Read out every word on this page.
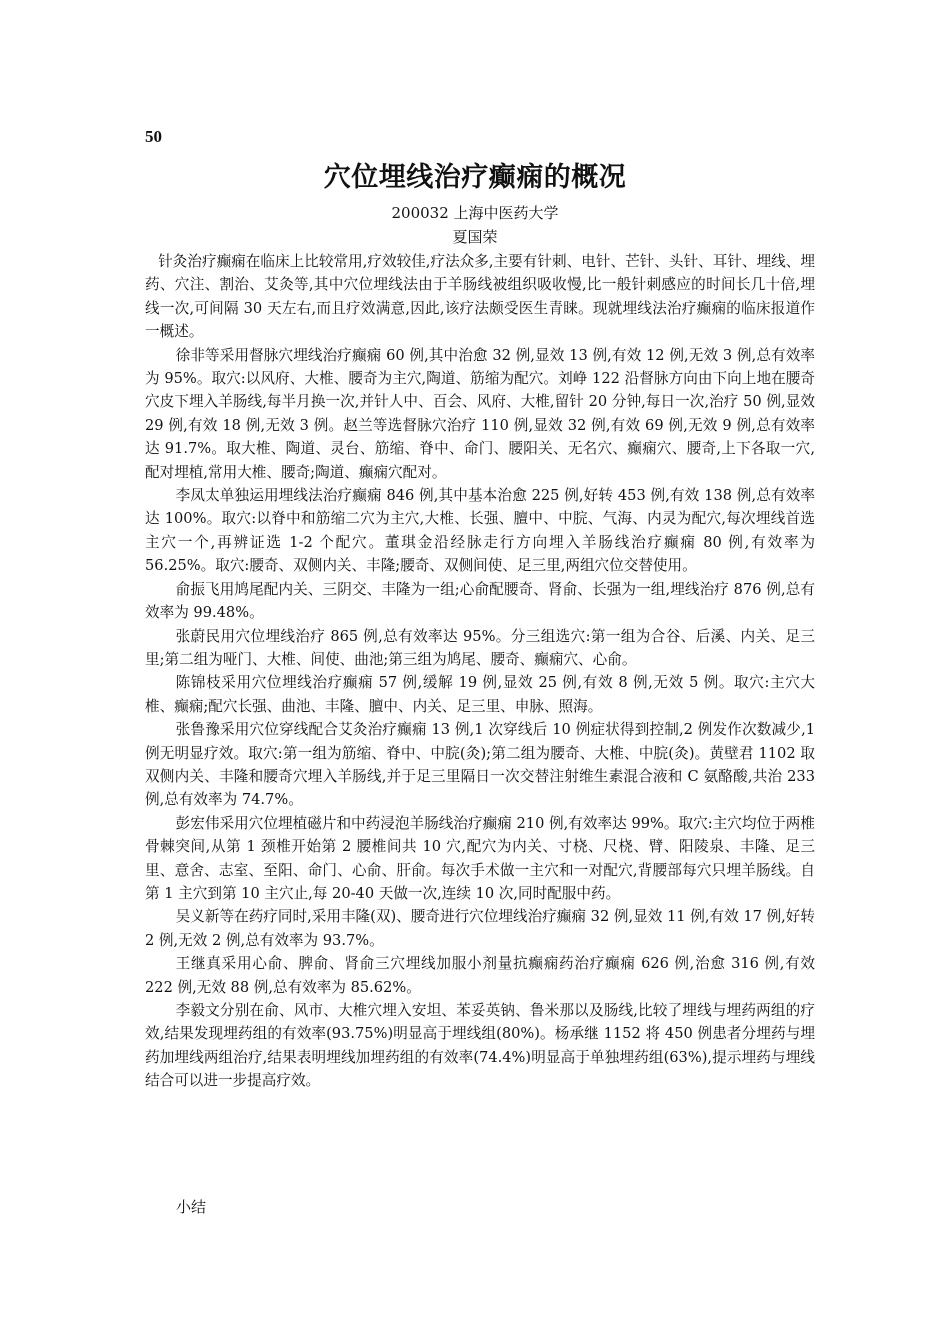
50
穴位埋线治疗癫痫的概况
200032 上海中医药大学
夏国荣

针灸治疗癫痫在临床上比较常用,疗效较佳,疗法众多,主要有针刺、电针、芒针、头针、耳针、埋线、埋药、穴注、割治、艾灸等,其中穴位埋线法由于羊肠线被组织吸收慢,比一般针刺感应的时间长几十倍,埋线一次,可间隔 30 天左右,而且疗效满意,因此,该疗法颇受医生青睐。现就埋线法治疗癫痫的临床报道作一概述。

徐非等采用督脉穴埋线治疗癫痫 60 例,其中治愈 32 例,显效 13 例,有效 12 例,无效 3 例,总有效率为 95%。取穴:以风府、大椎、腰奇为主穴,陶道、筋缩为配穴。刘峥 122 沿督脉方向由下向上地在腰奇穴皮下埋入羊肠线,每半月换一次,并针人中、百会、风府、大椎,留针 20 分钟,每日一次,治疗 50 例,显效 29 例,有效 18 例,无效 3 例。赵兰等选督脉穴治疗 110 例,显效 32 例,有效 69 例,无效 9 例,总有效率达 91.7%。取大椎、陶道、灵台、筋缩、脊中、命门、腰阳关、无名穴、癫痫穴、腰奇,上下各取一穴,配对埋植,常用大椎、腰奇;陶道、癫痫穴配对。

李凤太单独运用埋线法治疗癫痫 846 例,其中基本治愈 225 例,好转 453 例,有效 138 例,总有效率达 100%。取穴:以脊中和筋缩二穴为主穴,大椎、长强、膻中、中脘、气海、内灵为配穴,每次埋线首选主穴一个,再辨证选 1-2 个配穴。董琪金沿经脉走行方向埋入羊肠线治疗癫痫 80 例,有效率为 56.25%。取穴:腰奇、双侧内关、丰隆;腰奇、双侧间使、足三里,两组穴位交替使用。

俞振飞用鸠尾配内关、三阴交、丰隆为一组;心俞配腰奇、肾俞、长强为一组,埋线治疗 876 例,总有效率为 99.48%。

张蔚民用穴位埋线治疗 865 例,总有效率达 95%。分三组选穴:第一组为合谷、后溪、内关、足三里;第二组为哑门、大椎、间使、曲池;第三组为鸠尾、腰奇、癫痫穴、心俞。

陈锦枝采用穴位埋线治疗癫痫 57 例,缓解 19 例,显效 25 例,有效 8 例,无效 5 例。取穴:主穴大椎、癫痫;配穴长强、曲池、丰隆、膻中、内关、足三里、申脉、照海。

张鲁豫采用穴位穿线配合艾灸治疗癫痫 13 例,1 次穿线后 10 例症状得到控制,2 例发作次数减少,1 例无明显疗效。取穴:第一组为筋缩、脊中、中脘(灸);第二组为腰奇、大椎、中脘(灸)。黄壁君 1102 取双侧内关、丰隆和腰奇穴埋入羊肠线,并于足三里隔日一次交替注射维生素混合液和 C 氨酪酸,共治 233 例,总有效率为 74.7%。

彭宏伟采用穴位埋植磁片和中药浸泡羊肠线治疗癫痫 210 例,有效率达 99%。取穴:主穴均位于两椎骨棘突间,从第 1 颈椎开始第 2 腰椎间共 10 穴,配穴为内关、寸桡、尺桡、臂、阳陵泉、丰隆、足三里、意舍、志室、至阳、命门、心俞、肝俞。每次手术做一主穴和一对配穴,背腰部每穴只埋羊肠线。自第 1 主穴到第 10 主穴止,每 20-40 天做一次,连续 10 次,同时配服中药。

吴义新等在药疗同时,采用丰隆(双)、腰奇进行穴位埋线治疗癫痫 32 例,显效 11 例,有效 17 例,好转 2 例,无效 2 例,总有效率为 93.7%。

王继真采用心俞、脾俞、肾俞三穴埋线加服小剂量抗癫痫药治疗癫痫 626 例,治愈 316 例,有效 222 例,无效 88 例,总有效率为 85.62%。

李毅文分别在俞、风市、大椎穴埋入安坦、苯妥英钠、鲁米那以及肠线,比较了埋线与埋药两组的疗效,结果发现埋药组的有效率(93.75%)明显高于埋线组(80%)。杨承继 1152 将 450 例患者分埋药与埋药加埋线两组治疗,结果表明埋线加埋药组的有效率(74.4%)明显高于单独埋药组(63%),提示埋药与埋线结合可以进一步提高疗效。

小结
